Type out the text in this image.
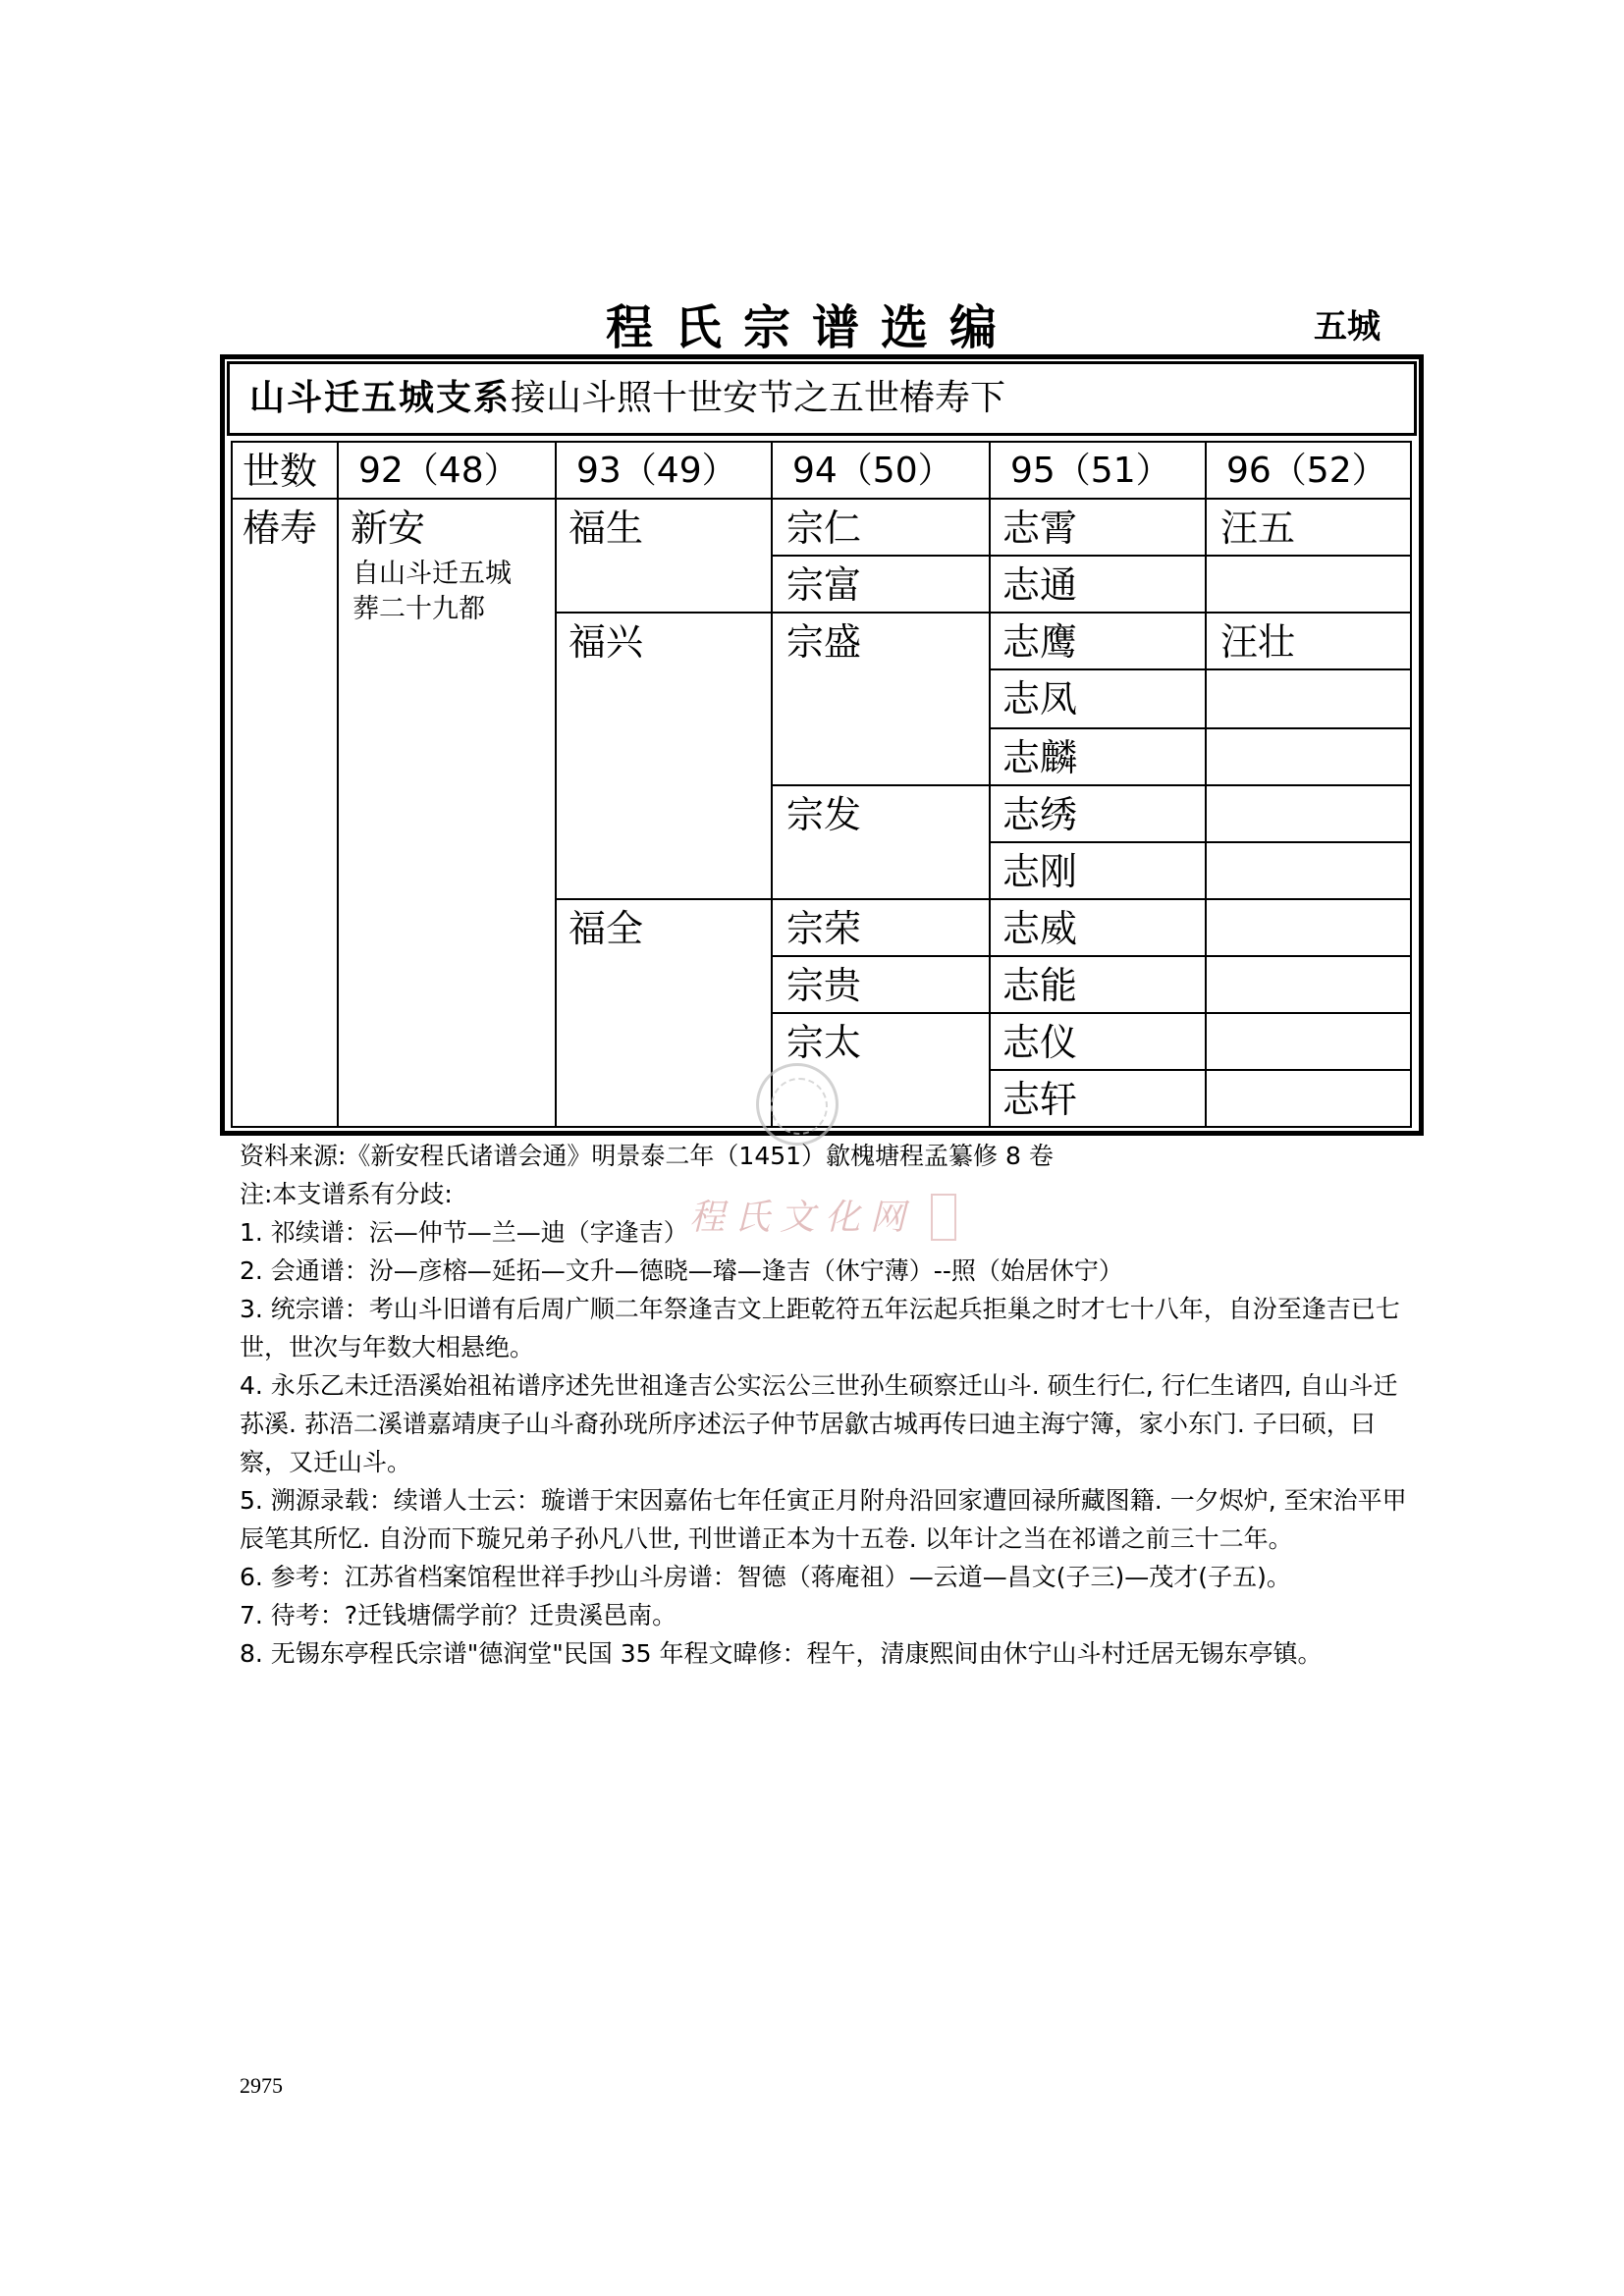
程氏宗谱选编	五城
山斗迁五城支系接山斗照十世安节之五世椿寿下
世数 92（48） 93（49） 94（50） 95（51） 96（52）
椿寿 新安
自山斗迁五城
葬二十九都
福生
福兴
福全
宗仁
宗富
宗盛
宗发
宗荣
宗贵
宗太
志霄
志通
志鹰
志凤
志麟
志绣
志刚
志威
志能
志仪
志轩
汪五
汪壮

资料来源:《新安程氏诸谱会通》明景泰二年（1451）歙槐塘程孟纂修 8 卷

注:本支谱系有分歧:

1. 祁续谱：沄—仲节—兰—迪（字逢吉）

2. 会通谱：汾—彦榕—延拓—文升—德晓—璿—逢吉（休宁薄）--照（始居休宁）

3. 统宗谱：考山斗旧谱有后周广顺二年祭逢吉文上距乾符五年沄起兵拒巢之时才七十八年，自汾至逢吉已七世，世次与年数大相悬绝。

4. 永乐乙未迁浯溪始祖祐谱序述先世祖逢吉公实沄公三世孙生硕察迁山斗. 硕生行仁, 行仁生诸四, 自山斗迁荪溪. 荪浯二溪谱嘉靖庚子山斗裔孙珖所序述沄子仲节居歙古城再传曰迪主海宁簿，家小东门. 子曰硕，曰察，又迁山斗。

5. 溯源录载：续谱人士云：璇谱于宋因嘉佑七年任寅正月附舟沿回家遭回禄所藏图籍. 一夕烬炉, 至宋治平甲辰笔其所忆. 自汾而下璇兄弟子孙凡八世, 刊世谱正本为十五卷. 以年计之当在祁谱之前三十二年。

6. 参考：江苏省档案馆程世祥手抄山斗房谱：智德（蒋庵祖）—云道—昌文(子三)—茂才(子五)。

7. 待考：?迁钱塘儒学前？迁贵溪邑南。

8. 无锡东亭程氏宗谱"德润堂"民国 35 年程文暐修：程午，清康熙间由休宁山斗村迁居无锡东亭镇。

程氏文化网
2975
